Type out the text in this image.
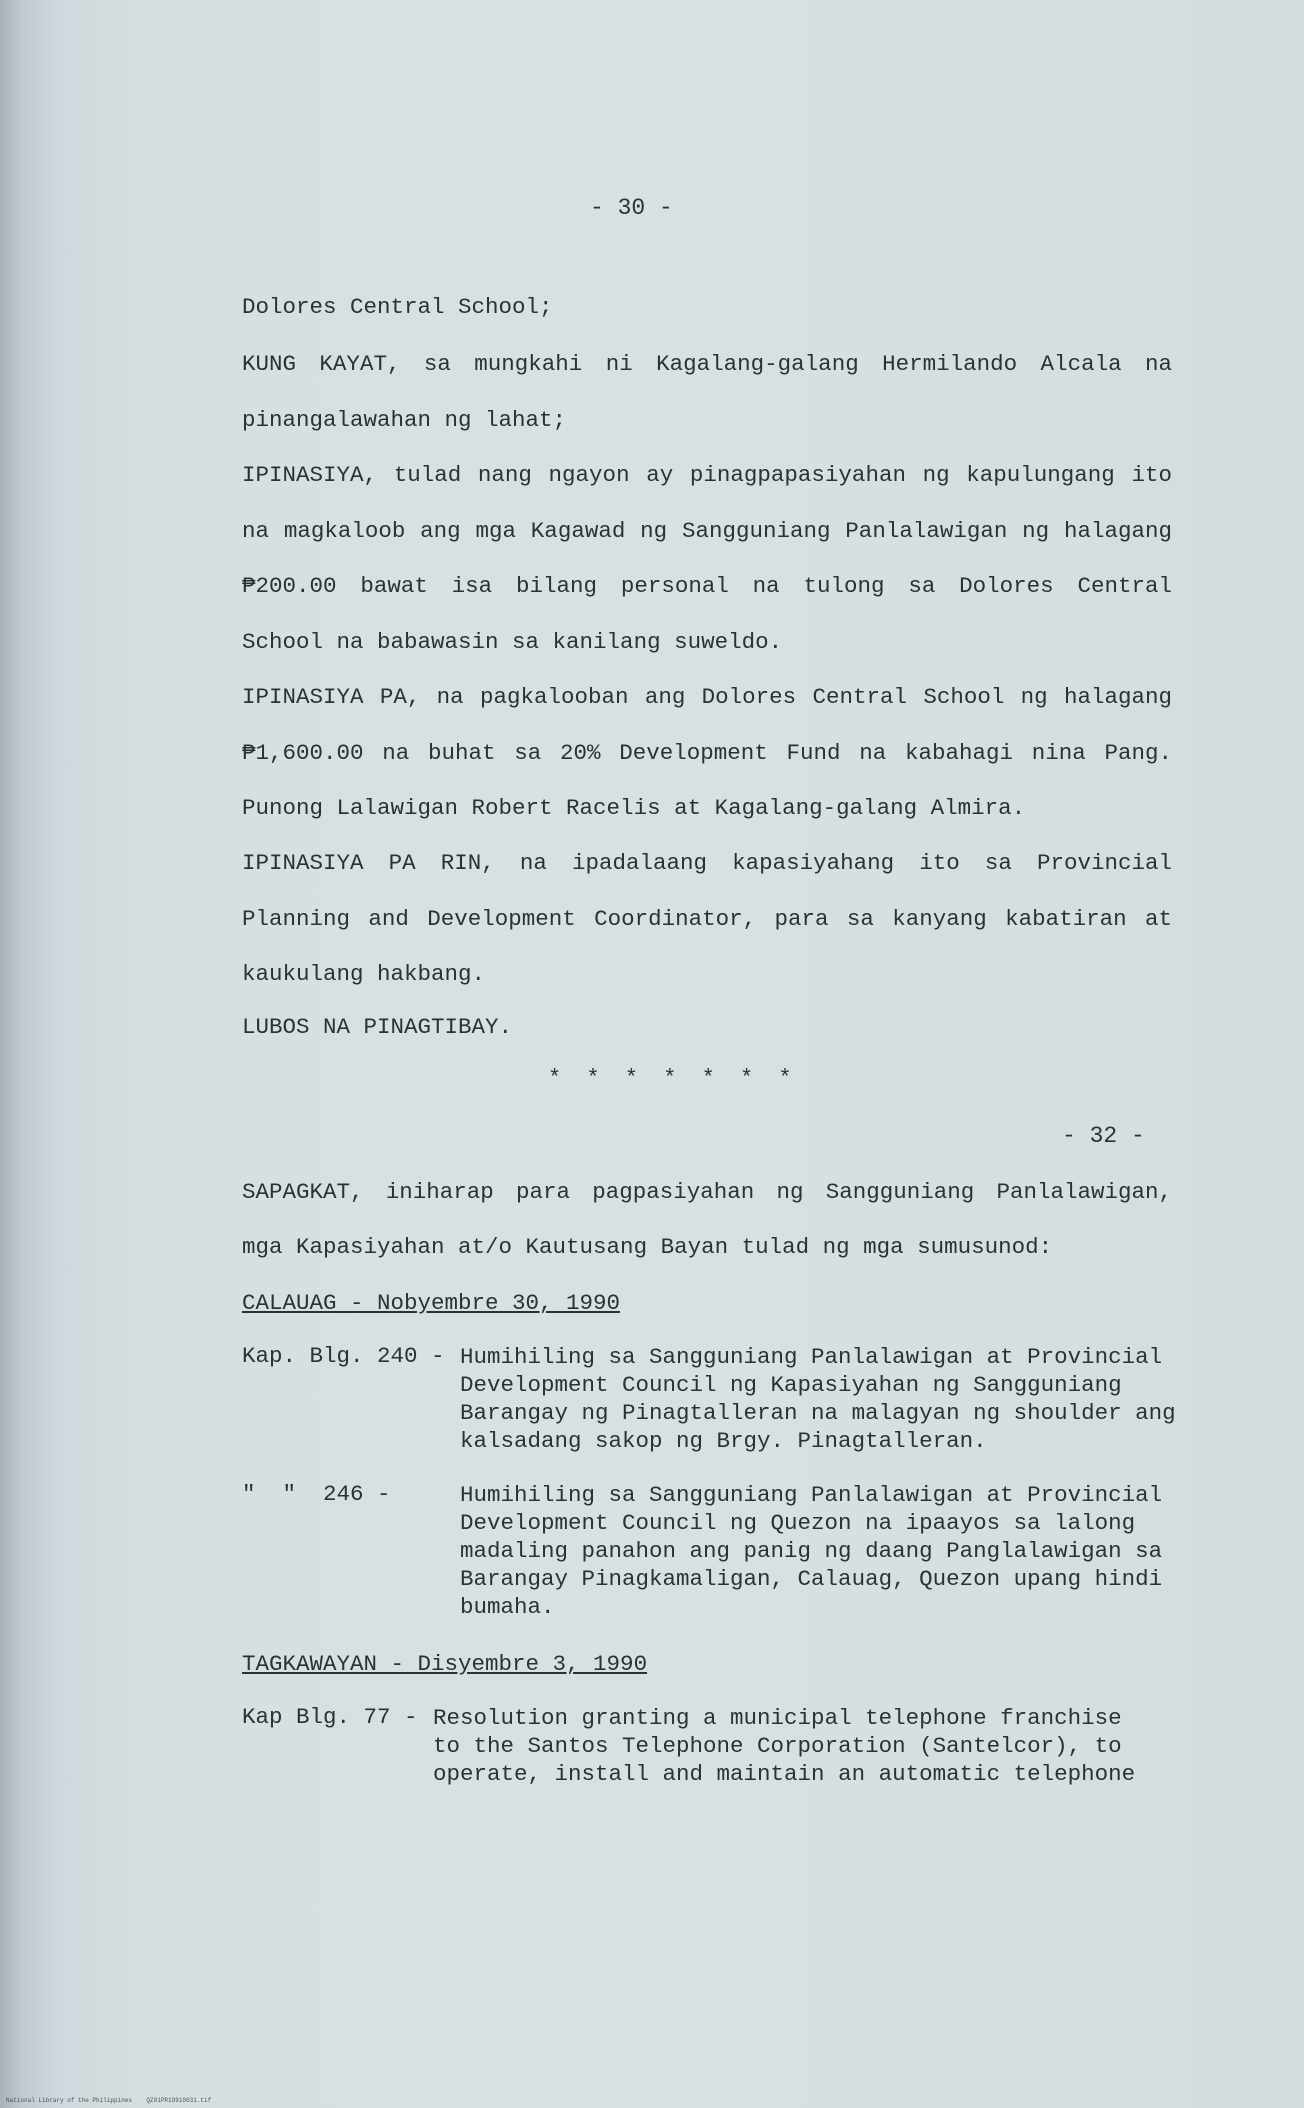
- 30 -
Dolores Central School;
KUNG KAYAT, sa mungkahi ni Kagalang-galang Hermilando Alcala na pinangalawahan ng lahat;
IPINASIYA, tulad nang ngayon ay pinagpapasiyahan ng kapulungang ito na magkaloob ang mga Kagawad ng Sangguniang Panlalawigan ng halagang ₱200.00 bawat isa bilang personal na tulong sa Dolores Central School na babawasin sa kanilang suweldo.
IPINASIYA PA, na pagkalooban ang Dolores Central School ng halagang ₱1,600.00 na buhat sa 20% Development Fund na kabahagi nina Pang. Punong Lalawigan Robert Racelis at Kagalang-galang Almira.
IPINASIYA PA RIN, na ipadalaang kapasiyahang ito sa Provincial Planning and Development Coordinator, para sa kanyang kabatiran at kaukulang hakbang.
LUBOS NA PINAGTIBAY.
* * * * * * *
- 32 -
SAPAGKAT, iniharap para pagpasiyahan ng Sangguniang Panlalawigan, mga Kapasiyahan at/o Kautusang Bayan tulad ng mga sumusunod:
CALAUAG - Nobyembre 30, 1990
Kap. Blg. 240 - Humihiling sa Sangguniang Panlalawigan at Provincial Development Council ng Kapasiyahan ng Sangguniang Barangay ng Pinagtalleran na malagyan ng shoulder ang kalsadang sakop ng Brgy. Pinagtalleran.
"  "  246 -	Humihiling sa Sangguniang Panlalawigan at Provincial Development Council ng Quezon na ipaayos sa lalong madaling panahon ang panig ng daang Panglalawigan sa Barangay Pinagkamaligan, Calauag, Quezon upang hindi bumaha.
TAGKAWAYAN - Disyembre 3, 1990
Kap Blg. 77 - Resolution granting a municipal telephone franchise to the Santos Telephone Corporation (Santelcor), to operate, install and maintain an automatic telephone
National Library of the Philippines    QZ01PR19910031.tif
